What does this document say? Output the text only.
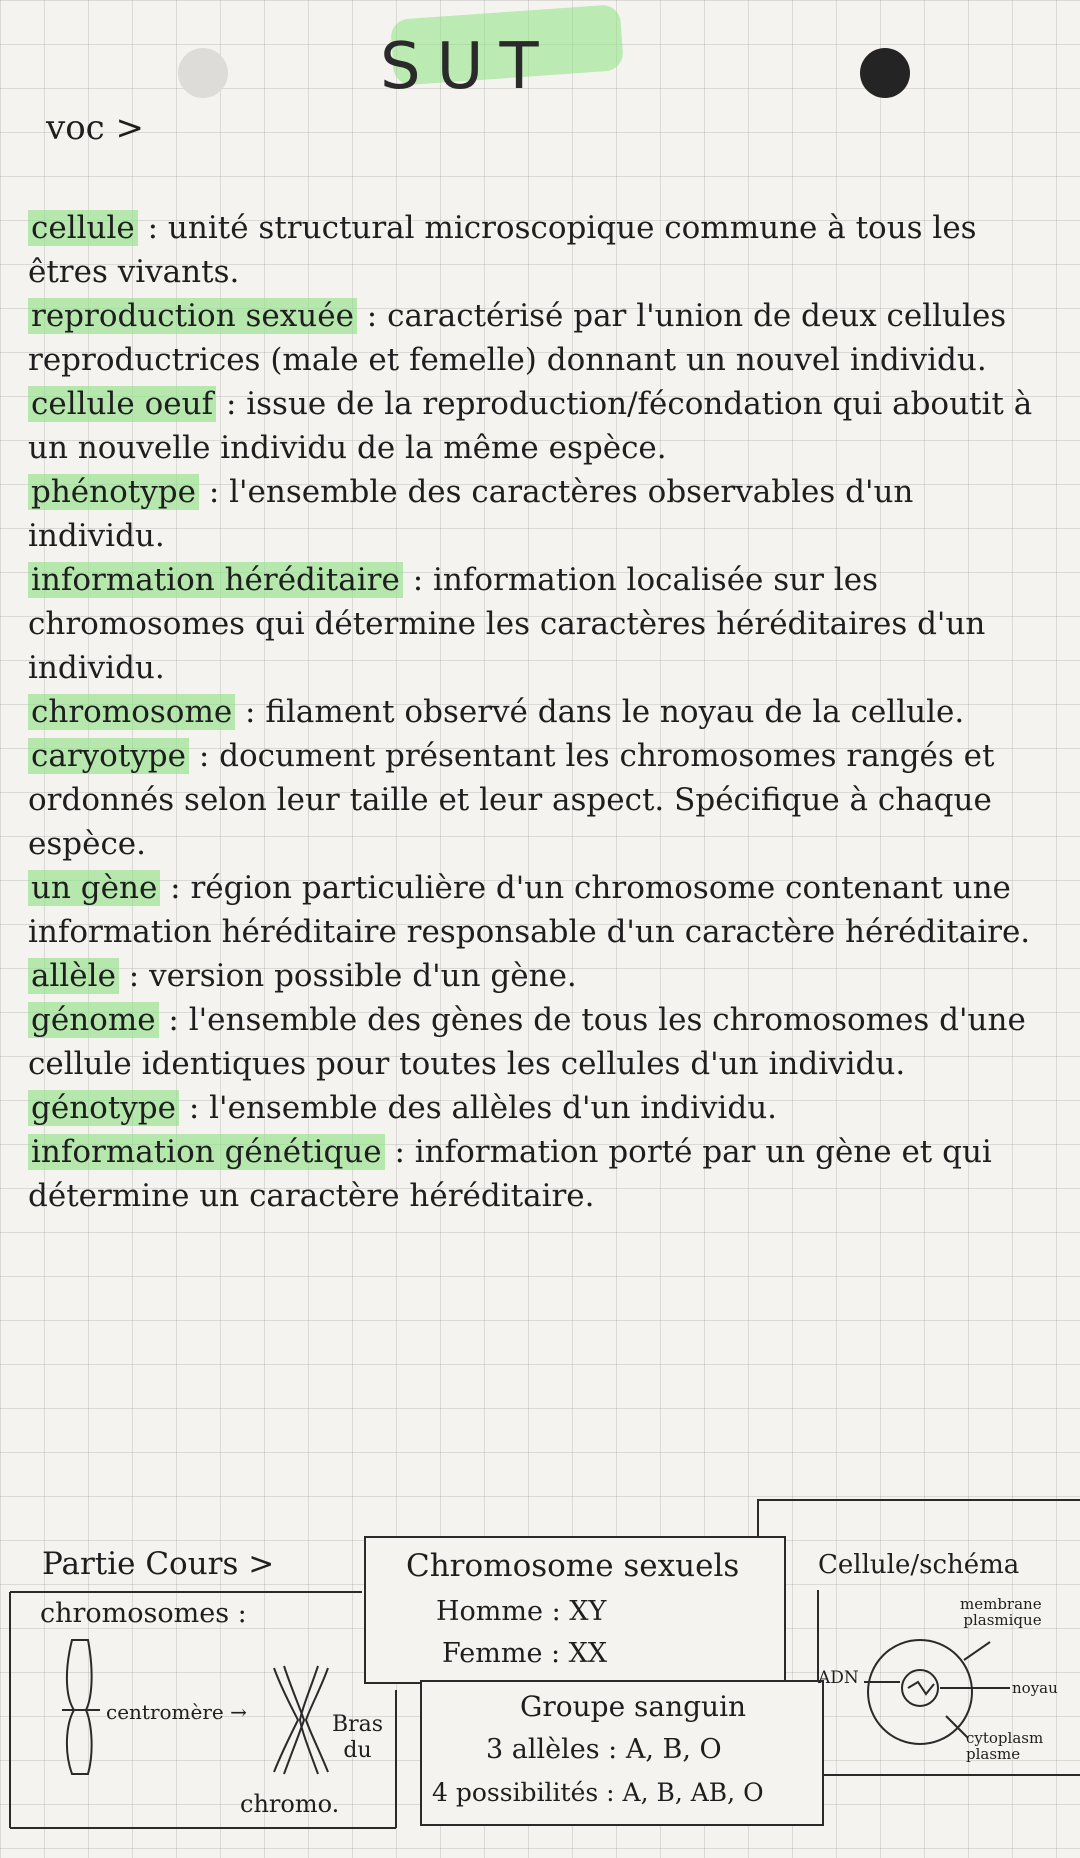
SUT
voc >
cellule : unité structural microscopique commune à tous les êtres vivants.
reproduction sexuée : caractérisé par l'union de deux cellules reproductrices (male et femelle) donnant un nouvel individu.
cellule oeuf : issue de la reproduction/fécondation qui aboutit à un nouvelle individu de la même espèce.
phénotype : l'ensemble des caractères observables d'un individu.
information héréditaire : information localisée sur les chromosomes qui détermine les caractères héréditaires d'un individu.
chromosome : filament observé dans le noyau de la cellule.
caryotype : document présentant les chromosomes rangés et ordonnés selon leur taille et leur aspect. Spécifique à chaque espèce.
un gène : région particulière d'un chromosome contenant une information héréditaire responsable d'un caractère héréditaire.
allèle : version possible d'un gène.
génome : l'ensemble des gènes de tous les chromosomes d'une cellule identiques pour toutes les cellules d'un individu.
génotype : l'ensemble des allèles d'un individu.
information génétique : information porté par un gène et qui détermine un caractère héréditaire.
Partie Cours >
chromosomes :
centromère →	Bras
du
chromo.
Chromosome sexuels
Homme : XY
Femme : XX
Groupe sanguin
3 allèles : A, B, O
4 possibilités : A, B, AB, O
Cellule/schéma
membrane
plasmique
noyau
ADN
cytoplasm
plasme
